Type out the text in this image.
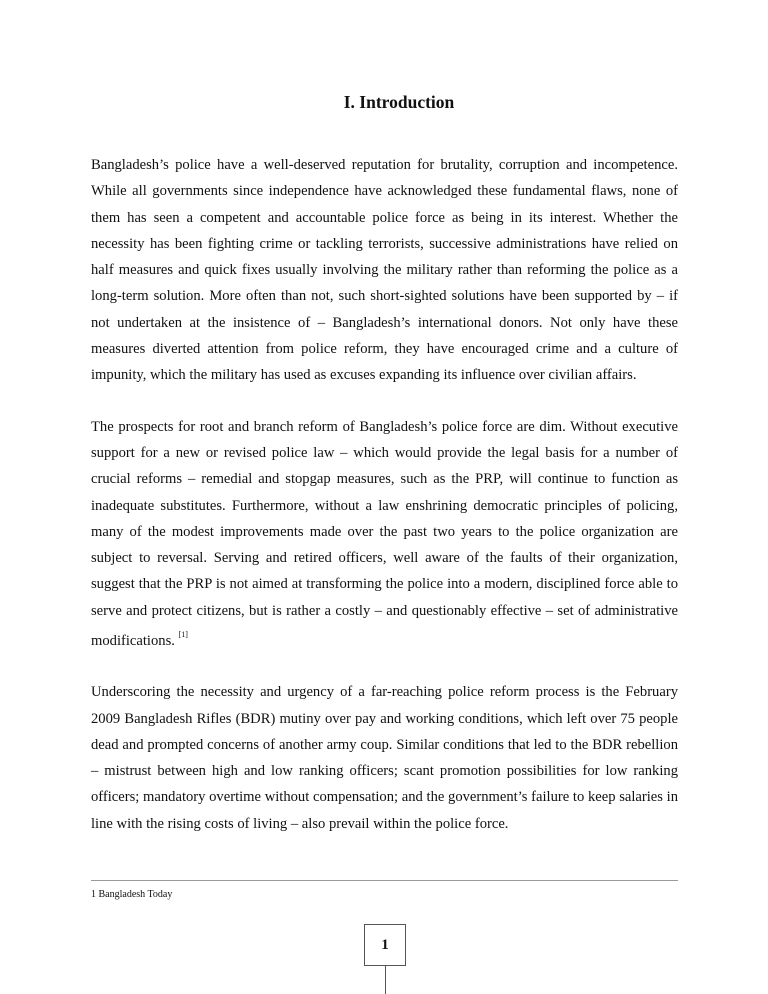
I. Introduction

Bangladesh’s police have a well-deserved reputation for brutality, corruption and incompetence. While all governments since independence have acknowledged these fundamental flaws, none of them has seen a competent and accountable police force as being in its interest. Whether the necessity has been fighting crime or tackling terrorists, successive administrations have relied on half measures and quick fixes usually involving the military rather than reforming the police as a long-term solution. More often than not, such short-sighted solutions have been supported by – if not undertaken at the insistence of – Bangladesh’s international donors. Not only have these measures diverted attention from police reform, they have encouraged crime and a culture of impunity, which the military has used as excuses expanding its influence over civilian affairs.

The prospects for root and branch reform of Bangladesh’s police force are dim. Without executive support for a new or revised police law – which would provide the legal basis for a number of crucial reforms – remedial and stopgap measures, such as the PRP, will continue to function as inadequate substitutes. Furthermore, without a law enshrining democratic principles of policing, many of the modest improvements made over the past two years to the police organization are subject to reversal. Serving and retired officers, well aware of the faults of their organization, suggest that the PRP is not aimed at transforming the police into a modern, disciplined force able to serve and protect citizens, but is rather a costly – and questionably effective – set of administrative modifications. [1]

Underscoring the necessity and urgency of a far-reaching police reform process is the February 2009 Bangladesh Rifles (BDR) mutiny over pay and working conditions, which left over 75 people dead and prompted concerns of another army coup. Similar conditions that led to the BDR rebellion – mistrust between high and low ranking officers; scant promotion possibilities for low ranking officers; mandatory overtime without compensation; and the government’s failure to keep salaries in line with the rising costs of living – also prevail within the police force.

1 Bangladesh Today
1
